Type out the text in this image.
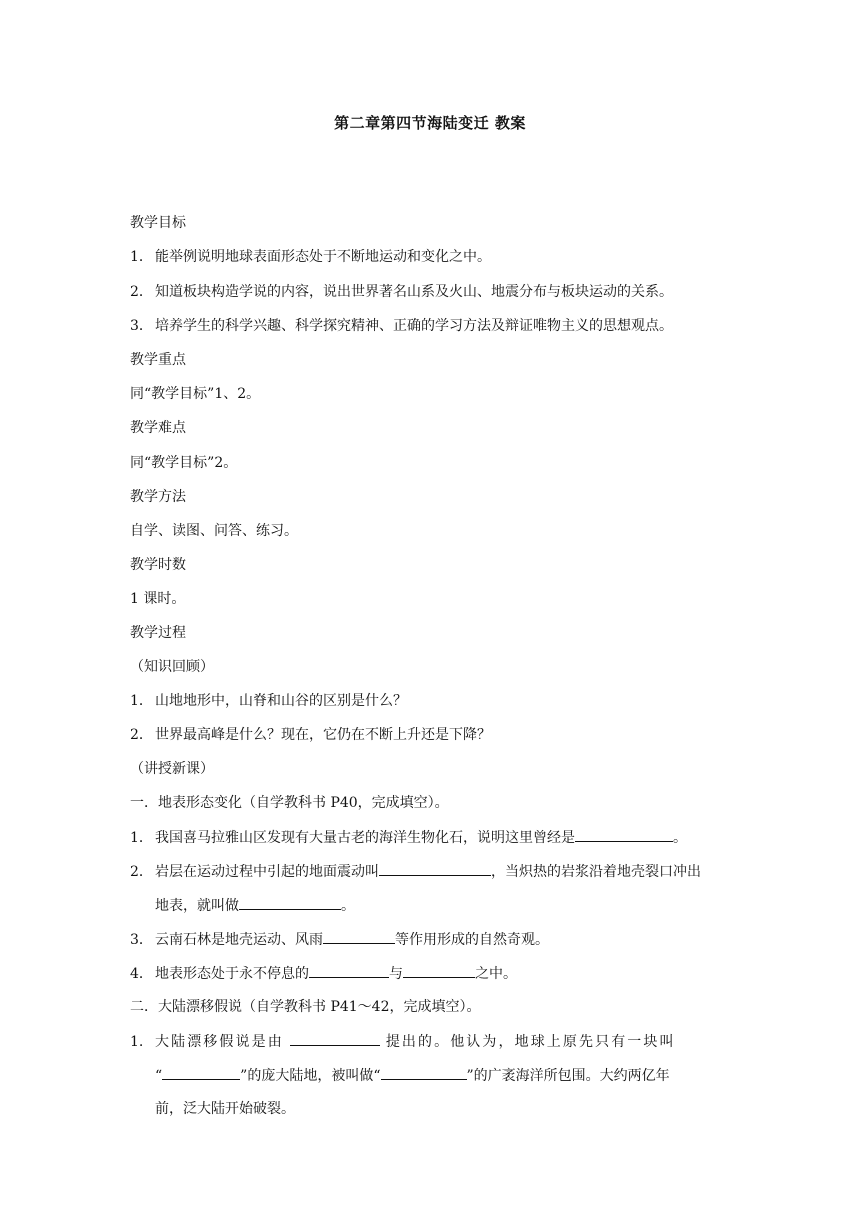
第二章第四节海陆变迁 教案
教学目标
1． 能举例说明地球表面形态处于不断地运动和变化之中。
2． 知道板块构造学说的内容，说出世界著名山系及火山、地震分布与板块运动的关系。
3． 培养学生的科学兴趣、科学探究精神、正确的学习方法及辩证唯物主义的思想观点。
教学重点
同“教学目标”1、2。
教学难点
同“教学目标”2。
教学方法
自学、读图、问答、练习。
教学时数
1 课时。
教学过程
（知识回顾）
1． 山地地形中，山脊和山谷的区别是什么？
2． 世界最高峰是什么？现在，它仍在不断上升还是下降？
（讲授新课）
一．地表形态变化（自学教科书 P40，完成填空）。
1． 我国喜马拉雅山区发现有大量古老的海洋生物化石，说明这里曾经是	。
2． 岩层在运动过程中引起的地面震动叫	，当炽热的岩浆沿着地壳裂口冲出
地表，就叫做	。
3． 云南石林是地壳运动、风雨	等作用形成的自然奇观。
4． 地表形态处于永不停息的	与	之中。
二．大陆漂移假说（自学教科书 P41～42，完成填空）。
1. 大陆漂移假说是由	提出的。他认为，地球上原先只有一块叫
“	”的庞大陆地，被叫做“	”的广袤海洋所包围。大约两亿年
前，泛大陆开始破裂。
